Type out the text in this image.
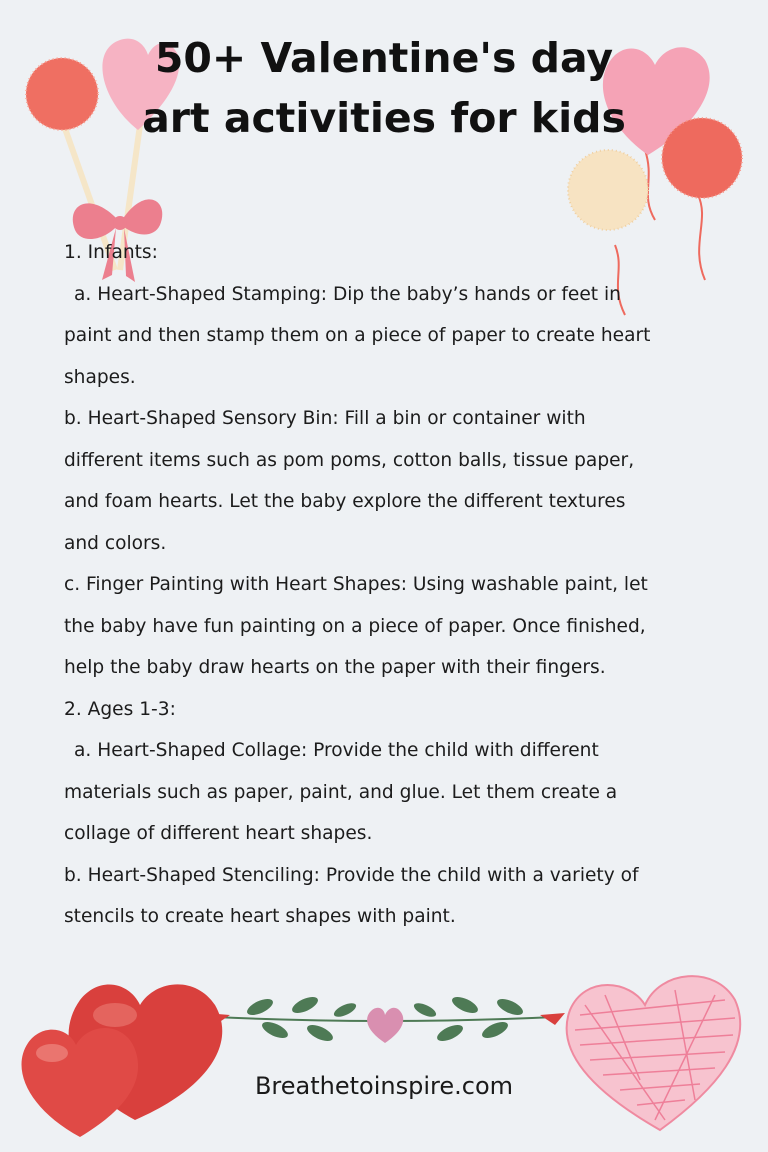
50+ Valentine's day
art activities for kids
1. Infants:
a. Heart-Shaped Stamping: Dip the baby’s hands or feet in
paint and then stamp them on a piece of paper to create heart
shapes.
b. Heart-Shaped Sensory Bin: Fill a bin or container with
different items such as pom poms, cotton balls, tissue paper,
and foam hearts. Let the baby explore the different textures
and colors.
c. Finger Painting with Heart Shapes: Using washable paint, let
the baby have fun painting on a piece of paper. Once finished,
help the baby draw hearts on the paper with their fingers.
2. Ages 1-3:
a. Heart-Shaped Collage: Provide the child with different
materials such as paper, paint, and glue. Let them create a
collage of different heart shapes.
b. Heart-Shaped Stenciling: Provide the child with a variety of
stencils to create heart shapes with paint.
Breathetoinspire.com
